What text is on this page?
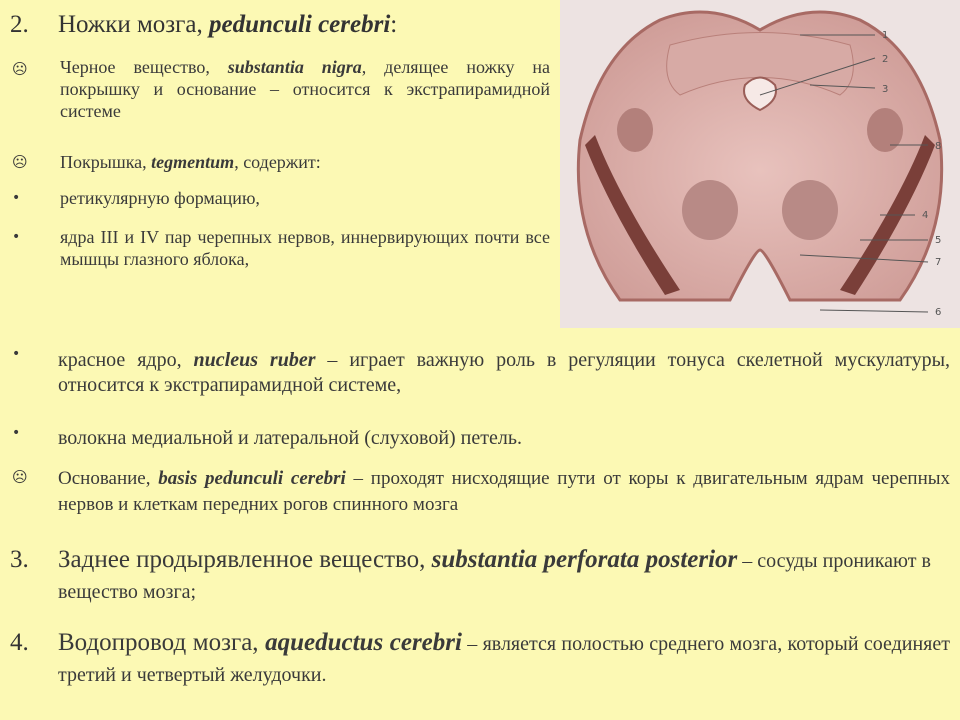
2. Ножки мозга, pedunculi cerebri:
☹ Черное вещество, substantia nigra, делящее ножку на покрышку и основание – относится к экстрапирамидной системе
☹ Покрышка, tegmentum, содержит:
• ретикулярную формацию,
• ядра III и IV пар черепных нервов, иннервирующих почти все мышцы глазного яблока,
• красное ядро, nucleus ruber – играет важную роль в регуляции тонуса скелетной мускулатуры, относится к экстрапирамидной системе,
• волокна медиальной и латеральной (слуховой) петель.
☹ Основание, basis pedunculi cerebri – проходят нисходящие пути от коры к двигательным ядрам черепных нервов и клеткам передних рогов спинного мозга
3. Заднее продырявленное вещество, substantia perforata posterior – сосуды проникают в вещество мозга;
4. Водопровод мозга, aqueductus cerebri – является полостью среднего мозга, который соединяет третий и четвертый желудочки.
1
2
3
8
4
5
7
6
